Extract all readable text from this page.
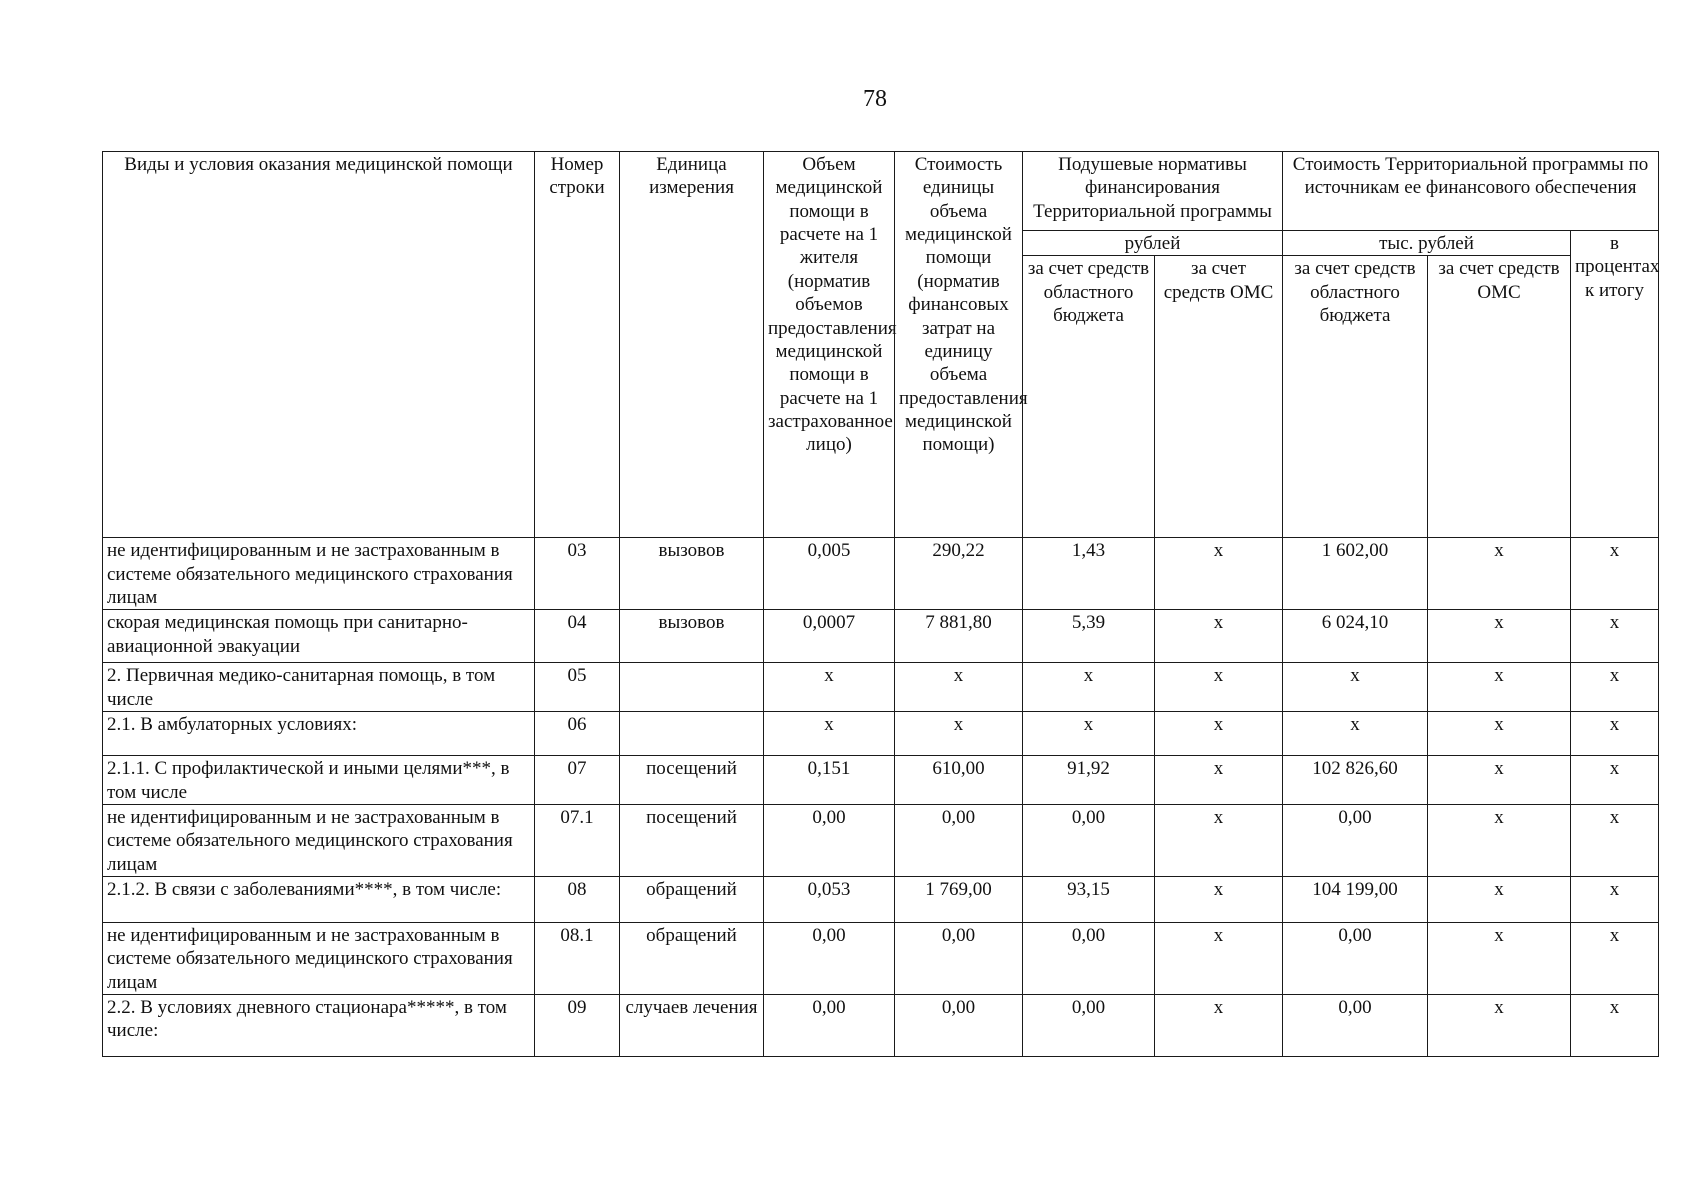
78
Виды и условия оказания медицинской помощи	Номер строки	Единица измерения	Объем медицинской помощи в расчете на 1 жителя (норматив объемов предоставления медицинской помощи в расчете на 1 застрахованное лицо)	Стоимость единицы объема медицинской помощи (норматив финансовых затрат на единицу объема предоставления медицинской помощи)	Подушевые нормативы финансирования Территориальной программы		Стоимость Территориальной программы по источникам ее финансового обеспечения		
					рублей		тыс. рублей		в процентах к итогу
					за счет средств областного бюджета	за счет средств ОМС	за счет средств областного бюджета	за счет средств ОМС	
не идентифицированным и не застрахованным в системе обязательного медицинского страхования лицам	03	вызовов	0,005	290,22	1,43	х	1 602,00	х	х
скорая медицинская помощь при санитарно-авиационной эвакуации	04	вызовов	0,0007	7 881,80	5,39	х	6 024,10	х	х
2. Первичная медико-санитарная помощь, в том числе	05		х	х	х	х	х	х	х
2.1. В амбулаторных условиях:	06		х	х	х	х	х	х	х
2.1.1. С профилактической и иными целями***, в том числе	07	посещений	0,151	610,00	91,92	х	102 826,60	х	х
не идентифицированным и не застрахованным в системе обязательного медицинского страхования лицам	07.1	посещений	0,00	0,00	0,00	х	0,00	х	х
2.1.2. В связи с заболеваниями****, в том числе:	08	обращений	0,053	1 769,00	93,15	х	104 199,00	х	х
не идентифицированным и не застрахованным в системе обязательного медицинского страхования лицам	08.1	обращений	0,00	0,00	0,00	х	0,00	х	х
2.2. В условиях дневного стационара*****, в том числе:	09	случаев лечения	0,00	0,00	0,00	х	0,00	х	х
